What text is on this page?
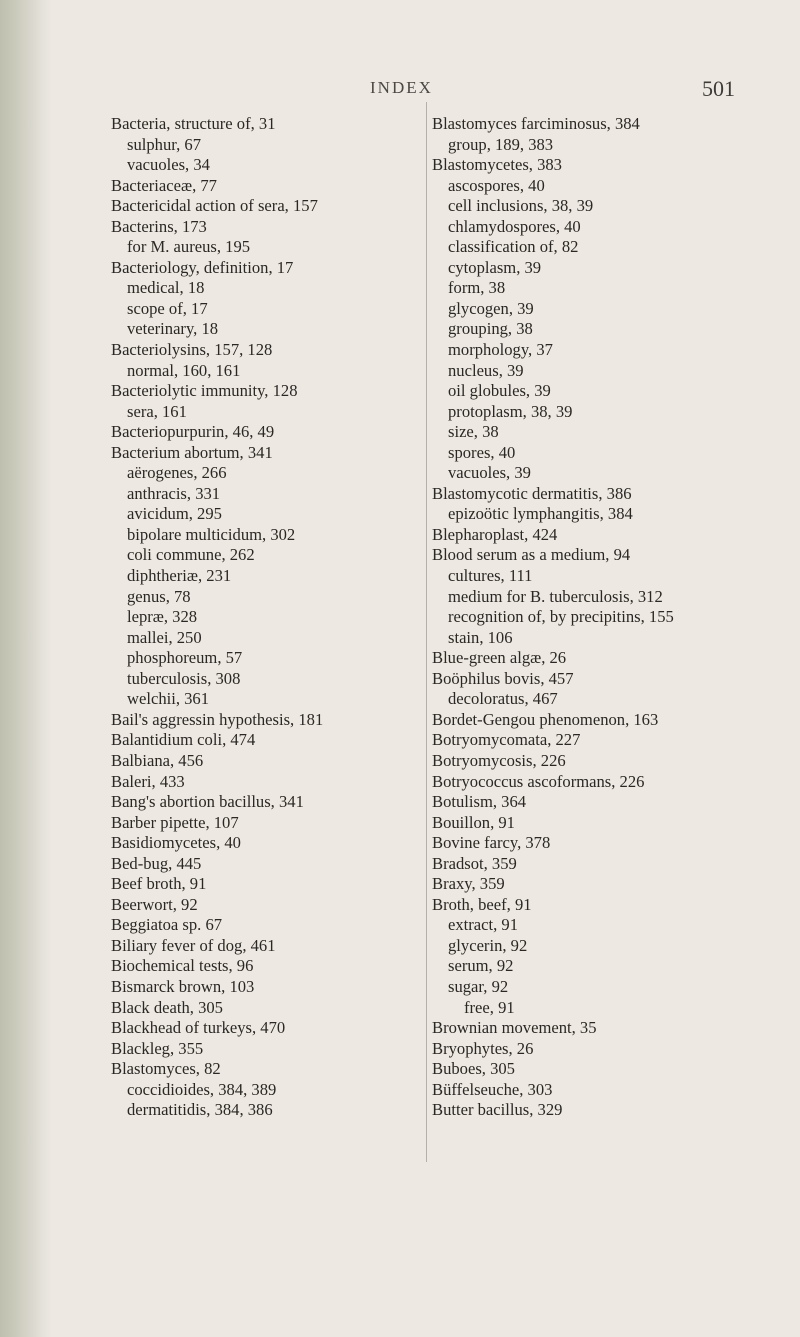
INDEX	501
Bacteria, structure of, 31
sulphur, 67
vacuoles, 34
Bacteriaceæ, 77
Bactericidal action of sera, 157
Bacterins, 173
for M. aureus, 195
Bacteriology, definition, 17
medical, 18
scope of, 17
veterinary, 18
Bacteriolysins, 157, 128
normal, 160, 161
Bacteriolytic immunity, 128
sera, 161
Bacteriopurpurin, 46, 49
Bacterium abortum, 341
aërogenes, 266
anthracis, 331
avicidum, 295
bipolare multicidum, 302
coli commune, 262
diphtheriæ, 231
genus, 78
lepræ, 328
mallei, 250
phosphoreum, 57
tuberculosis, 308
welchii, 361
Bail's aggressin hypothesis, 181
Balantidium coli, 474
Balbiana, 456
Baleri, 433
Bang's abortion bacillus, 341
Barber pipette, 107
Basidiomycetes, 40
Bed-bug, 445
Beef broth, 91
Beerwort, 92
Beggiatoa sp. 67
Biliary fever of dog, 461
Biochemical tests, 96
Bismarck brown, 103
Black death, 305
Blackhead of turkeys, 470
Blackleg, 355
Blastomyces, 82
coccidioides, 384, 389
dermatitidis, 384, 386
Blastomyces farciminosus, 384
group, 189, 383
Blastomycetes, 383
ascospores, 40
cell inclusions, 38, 39
chlamydospores, 40
classification of, 82
cytoplasm, 39
form, 38
glycogen, 39
grouping, 38
morphology, 37
nucleus, 39
oil globules, 39
protoplasm, 38, 39
size, 38
spores, 40
vacuoles, 39
Blastomycotic dermatitis, 386
epizoötic lymphangitis, 384
Blepharoplast, 424
Blood serum as a medium, 94
cultures, 111
medium for B. tuberculosis, 312
recognition of, by precipitins, 155
stain, 106
Blue-green algæ, 26
Boöphilus bovis, 457
decoloratus, 467
Bordet-Gengou phenomenon, 163
Botryomycomata, 227
Botryomycosis, 226
Botryococcus ascoformans, 226
Botulism, 364
Bouillon, 91
Bovine farcy, 378
Bradsot, 359
Braxy, 359
Broth, beef, 91
extract, 91
glycerin, 92
serum, 92
sugar, 92
free, 91
Brownian movement, 35
Bryophytes, 26
Buboes, 305
Büffelseuche, 303
Butter bacillus, 329
